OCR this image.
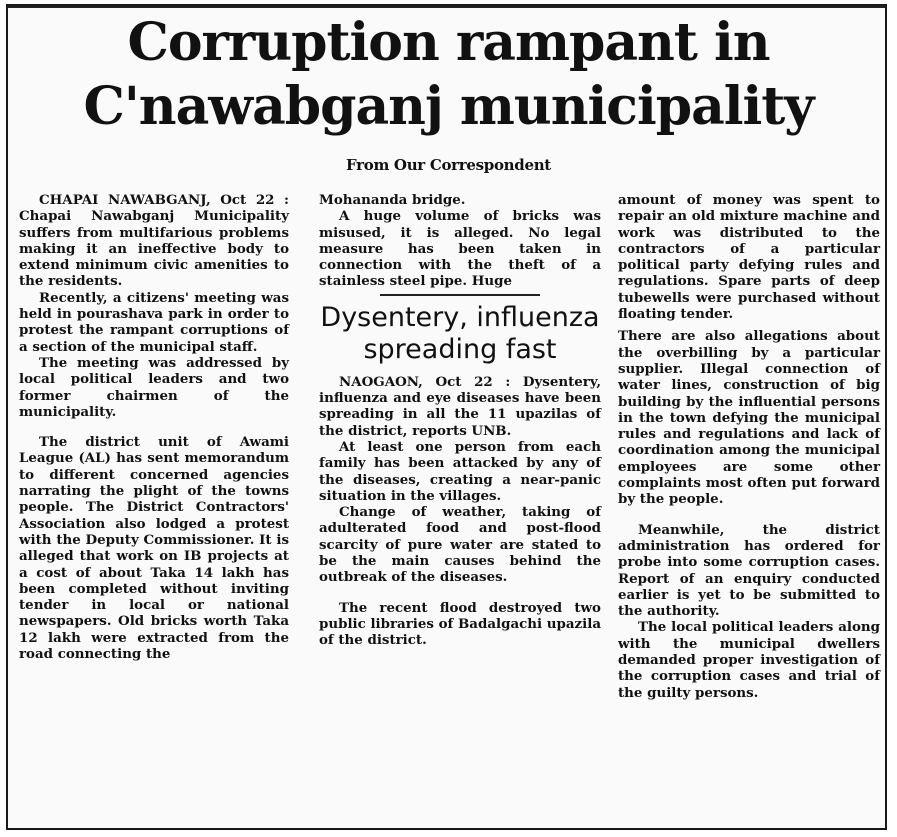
Corruption rampant in
C'nawabganj municipality
From Our Correspondent

CHAPAI NAWABGANJ, Oct 22 : Chapai Nawabganj Municipality suffers from multifarious problems making it an ineffective body to extend minimum civic amenities to the residents.

Recently, a citizens' meeting was held in pourashava park in order to protest the rampant corruptions of a section of the municipal staff.

The meeting was addressed by local political leaders and two former chairmen of the municipality.

The district unit of Awami League (AL) has sent memorandum to different concerned agencies narrating the plight of the towns people. The District Contractors' Association also lodged a protest with the Deputy Commissioner. It is alleged that work on IB projects at a cost of about Taka 14 lakh has been completed without inviting tender in local or national newspapers. Old bricks worth Taka 12 lakh were extracted from the road connecting the

Mohananda bridge.

A huge volume of bricks was misused, it is alleged. No legal measure has been taken in connection with the theft of a stainless steel pipe. Huge

Dysentery, influenza spreading fast

NAOGAON, Oct 22 : Dysentery, influenza and eye diseases have been spreading in all the 11 upazilas of the district, reports UNB.

At least one person from each family has been attacked by any of the diseases, creating a near-panic situation in the villages.

Change of weather, taking of adulterated food and post-flood scarcity of pure water are stated to be the main causes behind the outbreak of the diseases.

The recent flood destroyed two public libraries of Badalgachi upazila of the district.

amount of money was spent to repair an old mixture machine and work was distributed to the contractors of a particular political party defying rules and regulations. Spare parts of deep tubewells were purchased without floating tender.

There are also allegations about the overbilling by a particular supplier. Illegal connection of water lines, construction of big building by the influential persons in the town defying the municipal rules and regulations and lack of coordination among the municipal employees are some other complaints most often put forward by the people.

Meanwhile, the district administration has ordered for probe into some corruption cases. Report of an enquiry conducted earlier is yet to be submitted to the authority.

The local political leaders along with the municipal dwellers demanded proper investigation of the corruption cases and trial of the guilty persons.
